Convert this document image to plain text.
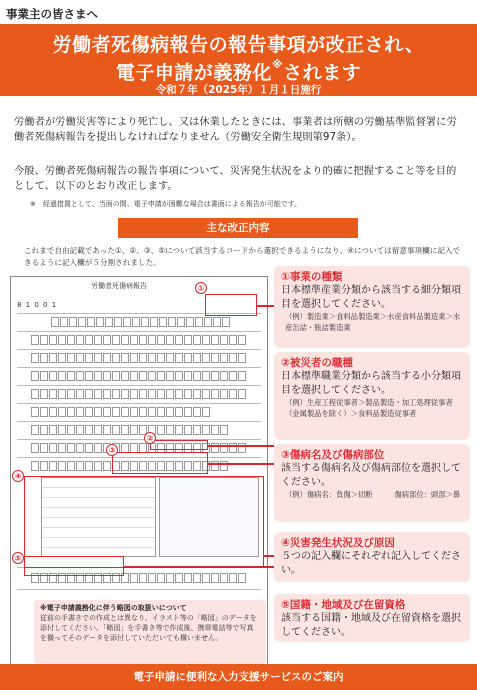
事業主の皆さまへ
労働者死傷病報告の報告事項が改正され、
電子申請が義務化※されます
令和７年（2025年）１月１日施行

労働者が労働災害等により死亡し、又は休業したときには、事業者は所轄の労働基準監督署に労働者死傷病報告を提出しなければなりません（労働安全衛生規則第97条）。

今般、労働者死傷病報告の報告事項について、災害発生状況をより的確に把握すること等を目的として、以下のとおり改正します。

※　経過措置として、当面の間、電子申請が困難な場合は書面による報告が可能です。

主な改正内容

これまで自由記載であった①、②、③、⑤について該当するコードから選択できるようになり、④については留意事項欄に記入できるように記入欄が５分割されました。

労働者死傷病報告
8 1 0 0 1
①
②
③
④
⑤
①事業の種類
日本標準産業分類から該当する細分類項目を選択してください。
（例）製造業＞食料品製造業＞水産食料品製造業＞水産缶詰・瓶詰製造業
②被災者の職種
日本標準職業分類から該当する小分類項目を選択してください。
（例）生産工程従事者＞製品製造・加工処理従事者（金属製品を除く）＞食料品製造従事者
③傷病名及び傷病部位
該当する傷病名及び傷病部位を選択してください。
（例）傷病名：負傷＞切断　　　傷病部位：頭部＞鼻
④災害発生状況及び原因
５つの記入欄にそれぞれ記入してください。
⑤国籍・地域及び在留資格
該当する国籍・地域及び在留資格を選択してください。
※電子申請義務化に伴う略図の取扱いについて
従前の手書きでの作成とは異なり、イラスト等の「略図」のデータを添付してください。「略図」を手書き等で作成後、携帯電話等で写真を撮ってそのデータを添付していただいても構いません。
電子申請に便利な入力支援サービスのご案内
